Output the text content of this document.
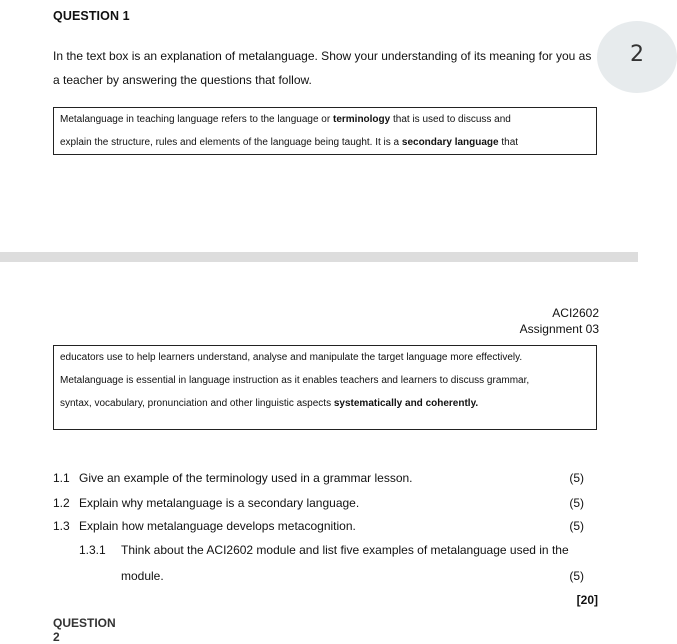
QUESTION 1
In the text box is an explanation of metalanguage. Show your understanding of its meaning for you as
a teacher by answering the questions that follow.
2

Metalanguage in teaching language refers to the language or terminology that is used to discuss and

explain the structure, rules and elements of the language being taught. It is a secondary language that

ACI2602
Assignment 03

educators use to help learners understand, analyse and manipulate the target language more effectively.

Metalanguage is essential in language instruction as it enables teachers and learners to discuss grammar,

syntax, vocabulary, pronunciation and other linguistic aspects systematically and coherently.

1.1 Give an example of the terminology used in a grammar lesson.	(5)
1.2 Explain why metalanguage is a secondary language.	(5)
1.3 Explain how metalanguage develops metacognition.	(5)
1.3.1 Think about the ACI2602 module and list five examples of metalanguage used in the
module.	(5)
[20]
QUESTION 2
